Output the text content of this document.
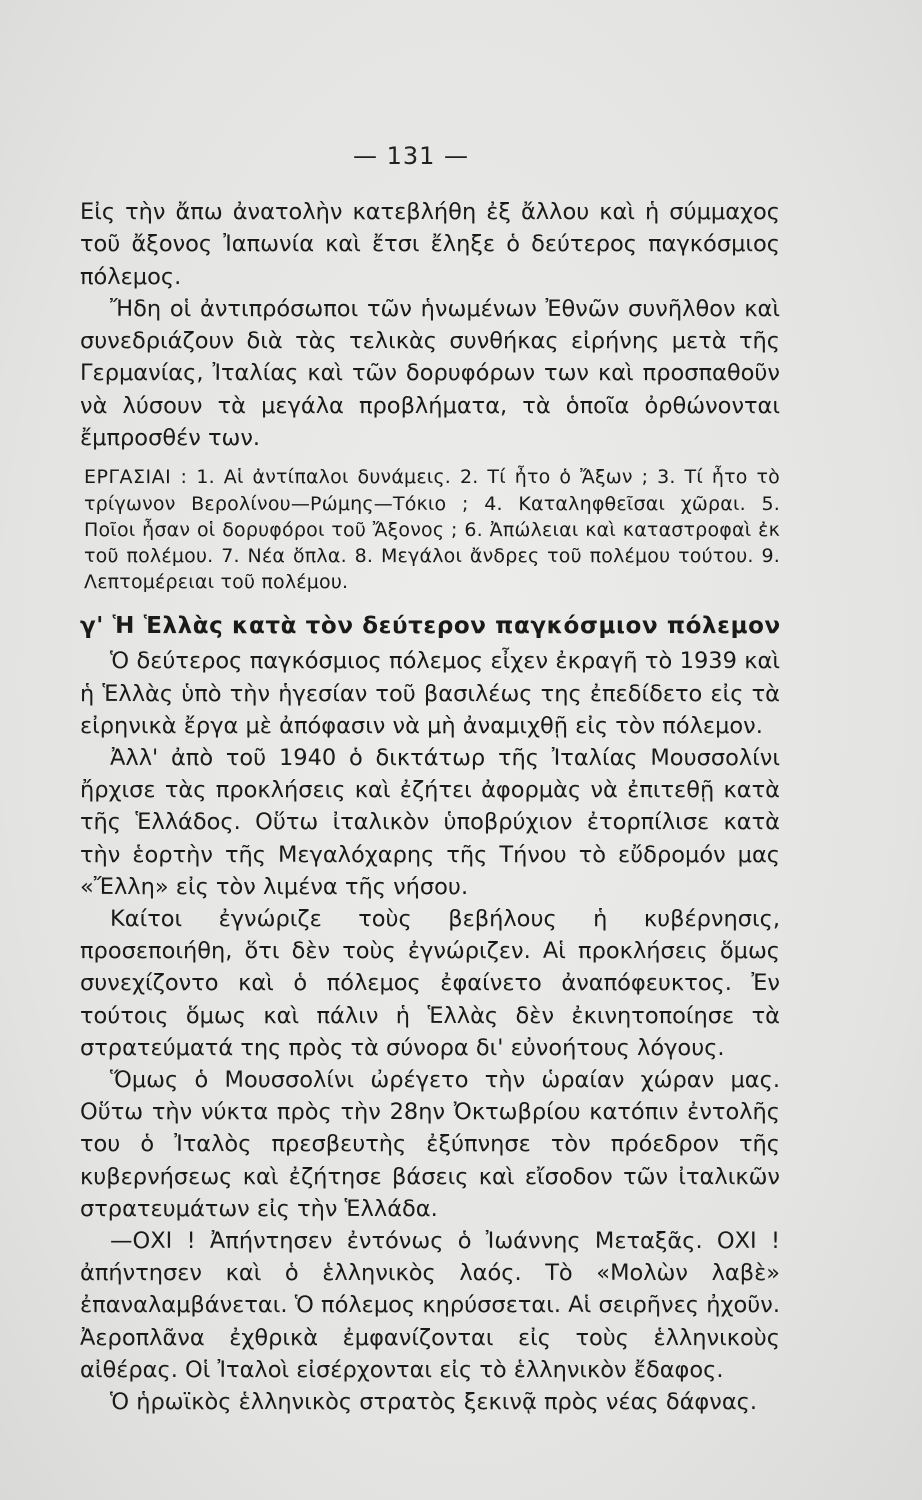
— 131 —

Εἰς τὴν ἄπω ἀνατολὴν κατεβλήθη ἐξ ἄλλου καὶ ἡ σύμμαχος τοῦ ἄξονος Ἰαπωνία καὶ ἔτσι ἔληξε ὁ δεύτερος παγκόσμιος πόλεμος.

Ἤδη οἱ ἀντιπρόσωποι τῶν ἡνωμένων Ἐθνῶν συνῆλθον καὶ συνεδριάζουν διὰ τὰς τελικὰς συνθήκας εἰρήνης μετὰ τῆς Γερμανίας, Ἰταλίας καὶ τῶν δορυφόρων των καὶ προσπαθοῦν νὰ λύσουν τὰ μεγάλα προβλήματα, τὰ ὁποῖα ὀρθώνονται ἔμπροσθέν των.

ΕΡΓΑΣΙΑΙ : 1. Αἱ ἀντίπαλοι δυνάμεις. 2. Τί ἦτο ὁ Ἄξων ; 3. Τί ἦτο τὸ τρίγωνον Βερολίνου—Ρώμης—Τόκιο ; 4. Καταληφθεῖσαι χῶραι. 5. Ποῖοι ἦσαν οἱ δορυφόροι τοῦ Ἄξονος ; 6. Ἀπώλειαι καὶ καταστροφαὶ ἐκ τοῦ πολέμου. 7. Νέα ὅπλα. 8. Μεγάλοι ἄνδρες τοῦ πολέμου τούτου. 9. Λεπτομέρειαι τοῦ πολέμου.

γ' Ἡ Ἑλλὰς κατὰ τὸν δεύτερον παγκόσμιον πόλεμον

Ὁ δεύτερος παγκόσμιος πόλεμος εἶχεν ἐκραγῆ τὸ 1939 καὶ ἡ Ἑλλὰς ὑπὸ τὴν ἡγεσίαν τοῦ βασιλέως της ἐπεδίδετο εἰς τὰ εἰρηνικὰ ἔργα μὲ ἀπόφασιν νὰ μὴ ἀναμιχθῇ εἰς τὸν πόλεμον.

Ἀλλ' ἀπὸ τοῦ 1940 ὁ δικτάτωρ τῆς Ἰταλίας Μουσσολίνι ἤρχισε τὰς προκλήσεις καὶ ἐζήτει ἀφορμὰς νὰ ἐπιτεθῇ κατὰ τῆς Ἑλλάδος. Οὕτω ἰταλικὸν ὑποβρύχιον ἐτορπίλισε κατὰ τὴν ἑορτὴν τῆς Μεγαλόχαρης τῆς Τήνου τὸ εὔδρομόν μας «Ἔλλη» εἰς τὸν λιμένα τῆς νήσου.

Καίτοι ἐγνώριζε τοὺς βεβήλους ἡ κυβέρνησις, προσεποιήθη, ὅτι δὲν τοὺς ἐγνώριζεν. Αἱ προκλήσεις ὅμως συνεχίζοντο καὶ ὁ πόλεμος ἐφαίνετο ἀναπόφευκτος. Ἐν τούτοις ὅμως καὶ πάλιν ἡ Ἑλλὰς δὲν ἐκινητοποίησε τὰ στρατεύματά της πρὸς τὰ σύνορα δι' εὐνοήτους λόγους.

Ὅμως ὁ Μουσσολίνι ὠρέγετο τὴν ὡραίαν χώραν μας. Οὕτω τὴν νύκτα πρὸς τὴν 28ην Ὀκτωβρίου κατόπιν ἐντολῆς του ὁ Ἰταλὸς πρεσβευτὴς ἐξύπνησε τὸν πρόεδρον τῆς κυβερνήσεως καὶ ἐζήτησε βάσεις καὶ εἴσοδον τῶν ἰταλικῶν στρατευμάτων εἰς τὴν Ἑλλάδα.

—ΟΧΙ ! Ἀπήντησεν ἐντόνως ὁ Ἰωάννης Μεταξᾶς. ΟΧΙ ! ἀπήντησεν καὶ ὁ ἑλληνικὸς λαός. Τὸ «Μολὼν λαβὲ» ἐπαναλαμβάνεται. Ὁ πόλεμος κηρύσσεται. Αἱ σειρῆνες ἠχοῦν. Ἀεροπλᾶνα ἐχθρικὰ ἐμφανίζονται εἰς τοὺς ἑλληνικοὺς αἰθέρας. Οἱ Ἰταλοὶ εἰσέρχονται εἰς τὸ ἑλληνικὸν ἔδαφος.

Ὁ ἡρωϊκὸς ἑλληνικὸς στρατὸς ξεκινᾷ πρὸς νέας δάφνας.
